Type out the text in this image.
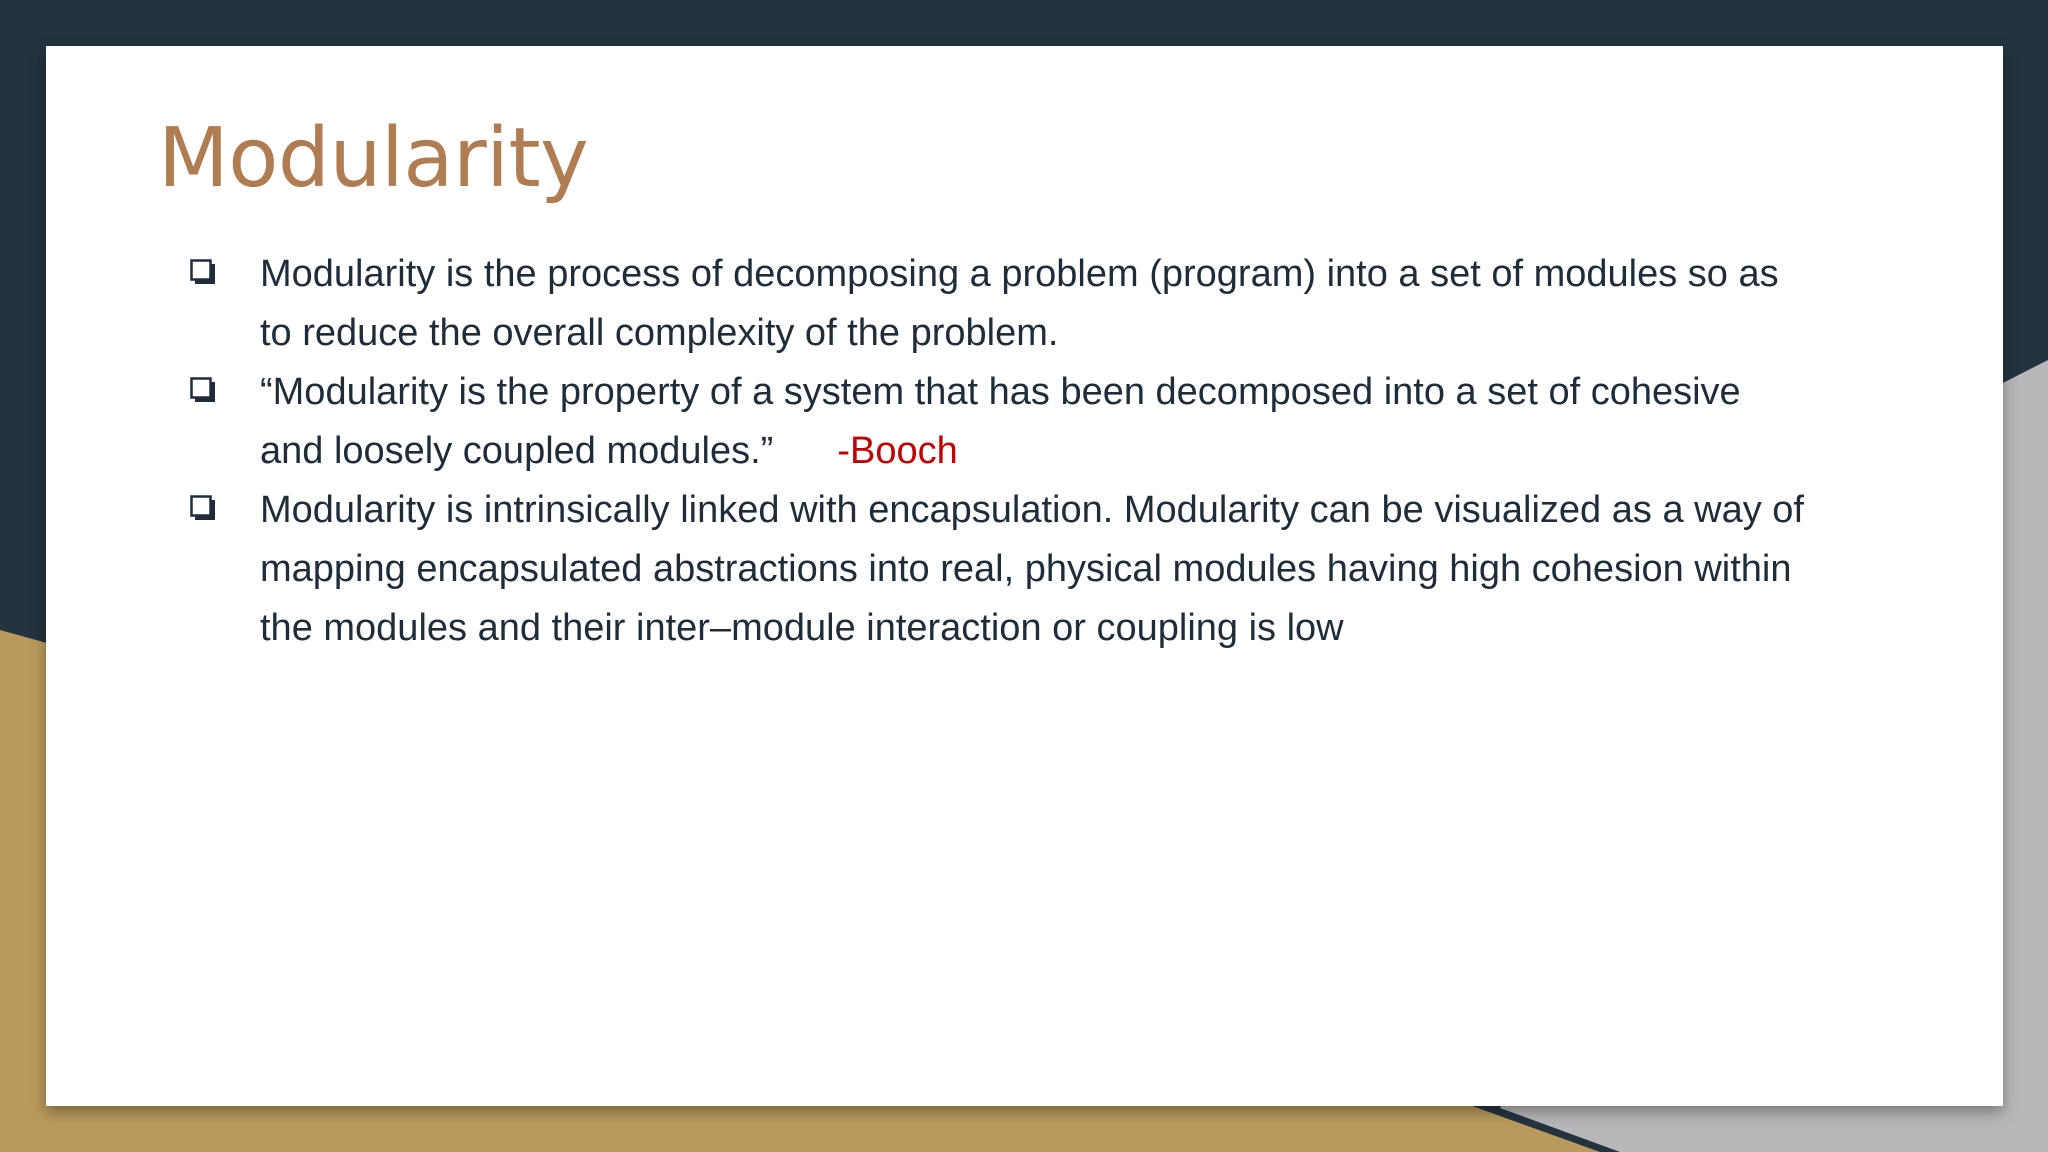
Modularity
Modularity is the process of decomposing a problem (program) into a set of modules so as to reduce the overall complexity of the problem.
“Modularity is the property of a system that has been decomposed into a set of cohesive and loosely coupled modules.” -Booch
Modularity is intrinsically linked with encapsulation. Modularity can be visualized as a way of mapping encapsulated abstractions into real, physical modules having high cohesion within the modules and their inter–module interaction or coupling is low
